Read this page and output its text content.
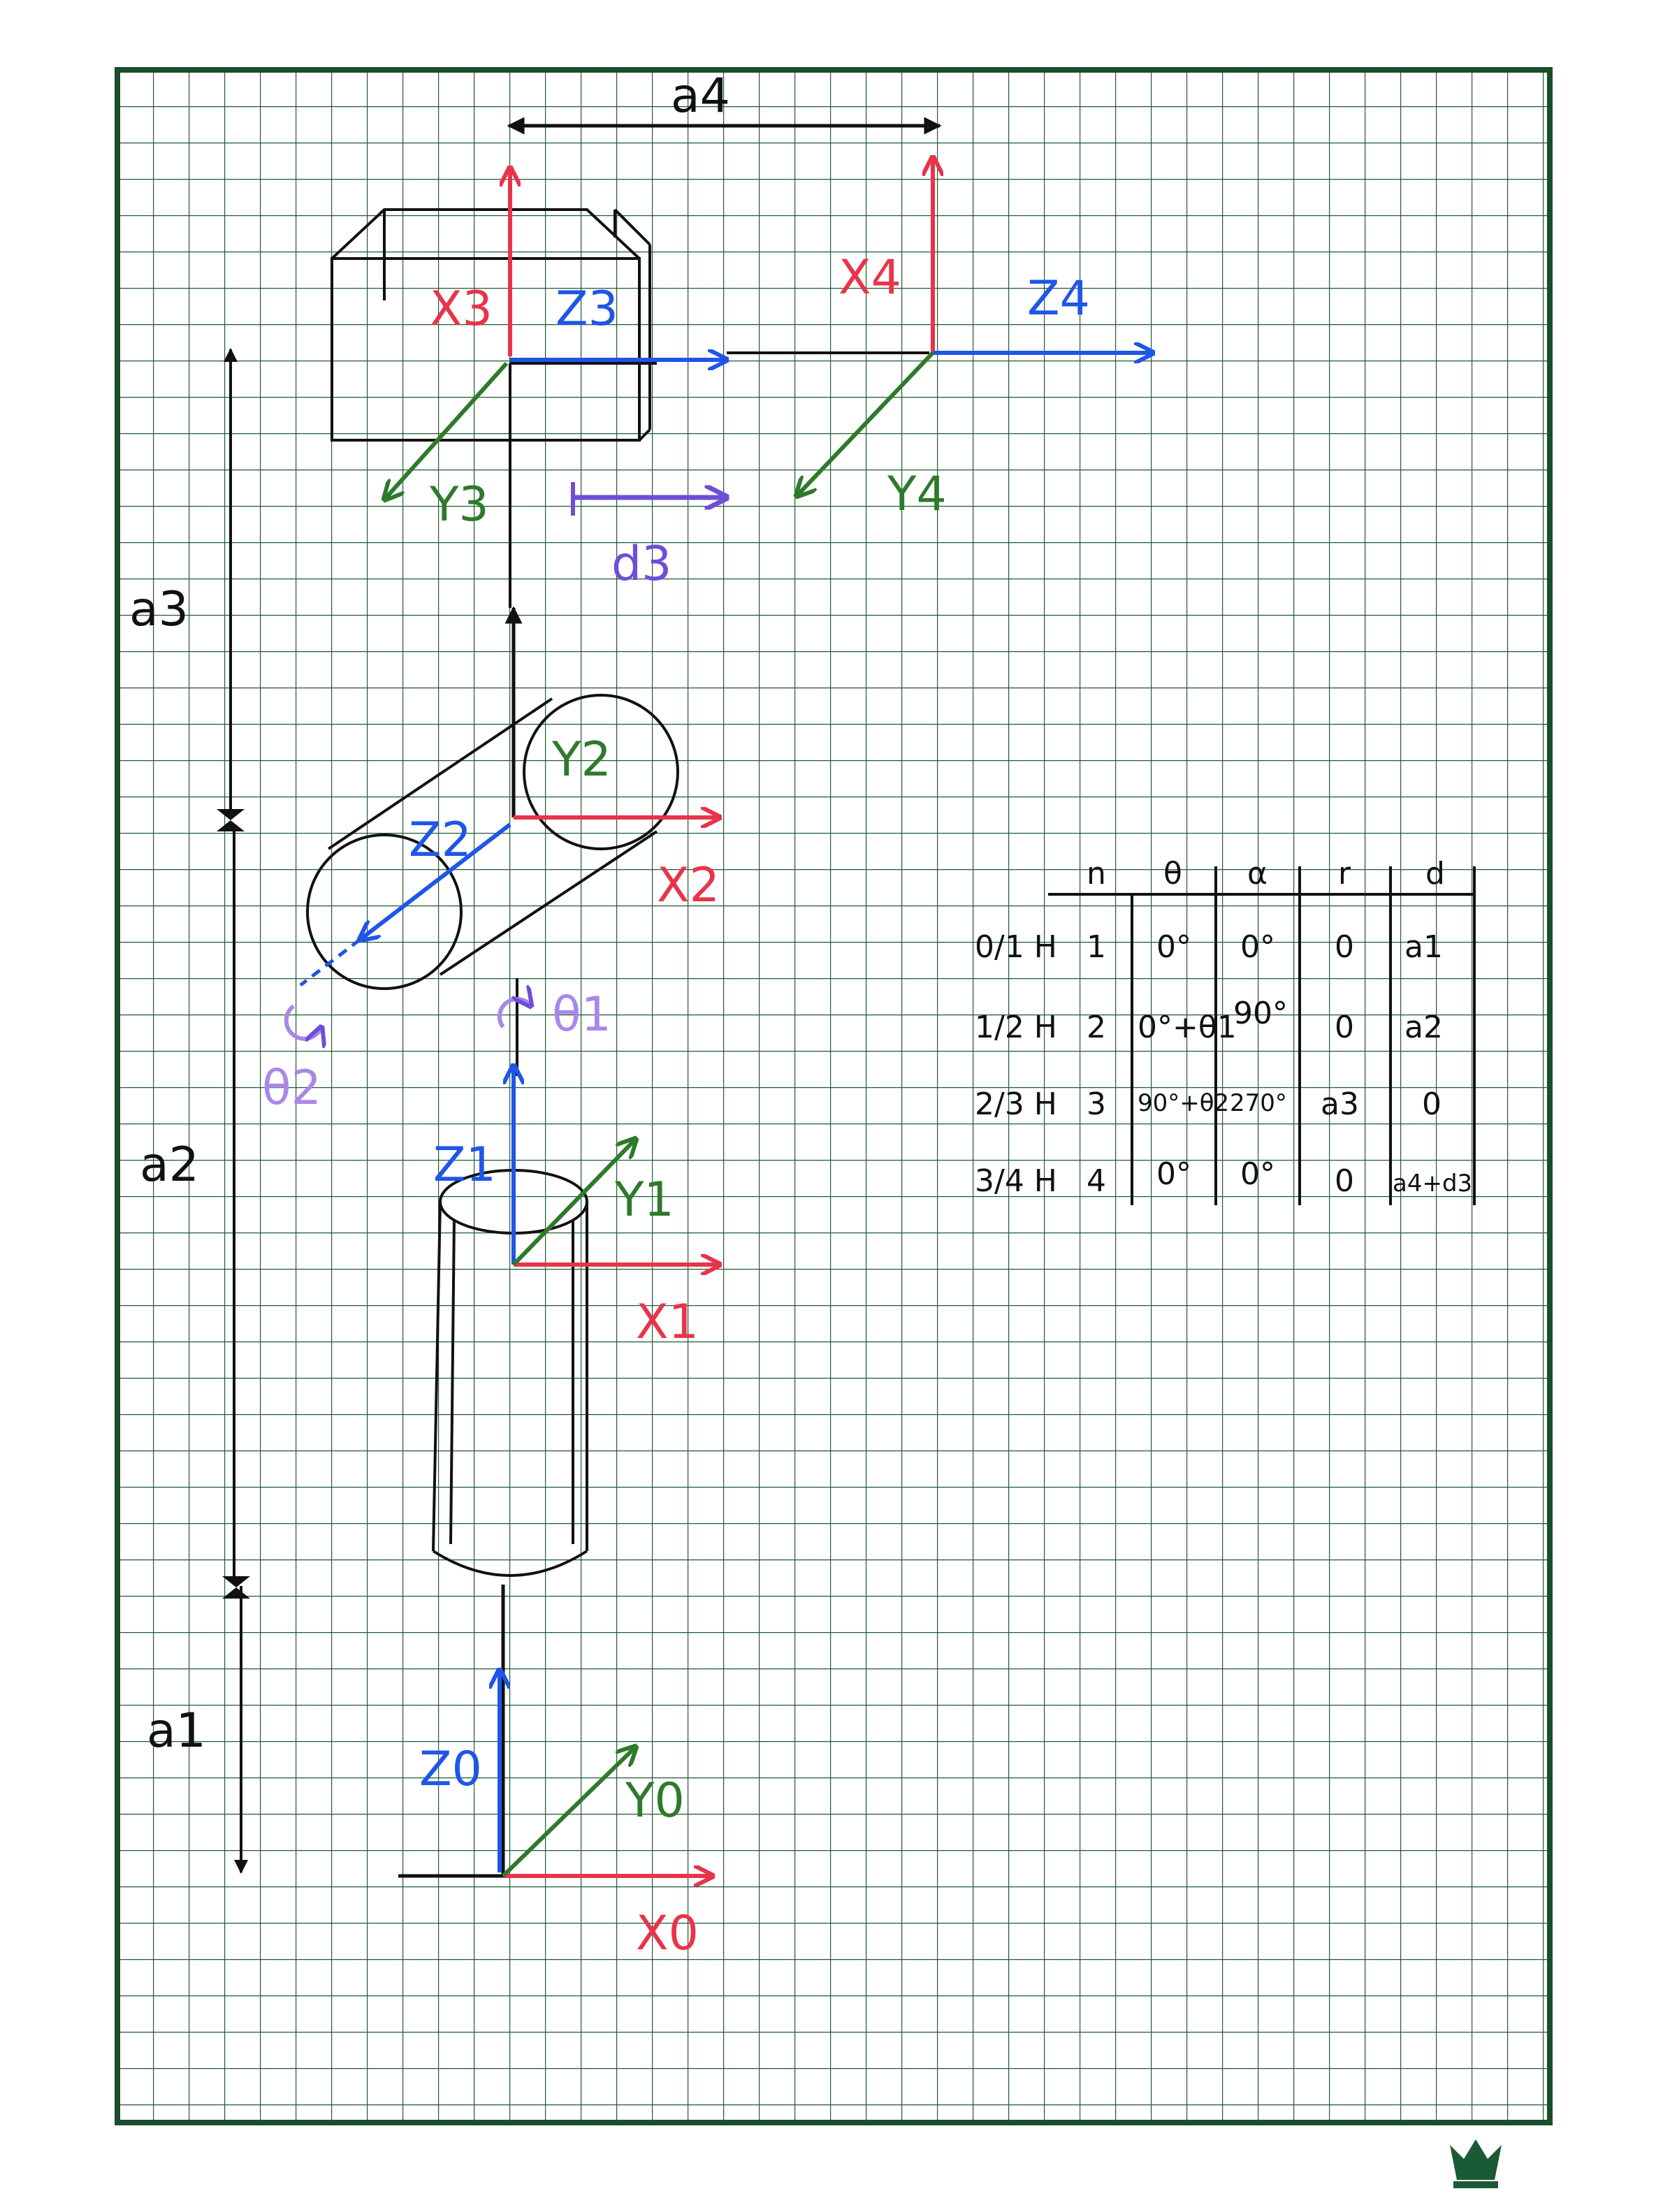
a4
a3
a2
a1
Z0
X0
Y0
Z1
X1
Y1
θ1
Y2
X2
Z2
θ2
X3 Z3
Y3
d3
X4	Z4
Y4
n θ α r d
0/1 H 1 0° 0° 0 a1
1/2 H 2 0°+θ1
90° 0 a2
2/3 H 3 90°+θ2 270° a3 0
3/4 H 4 0° 0° 0 a4+d3
